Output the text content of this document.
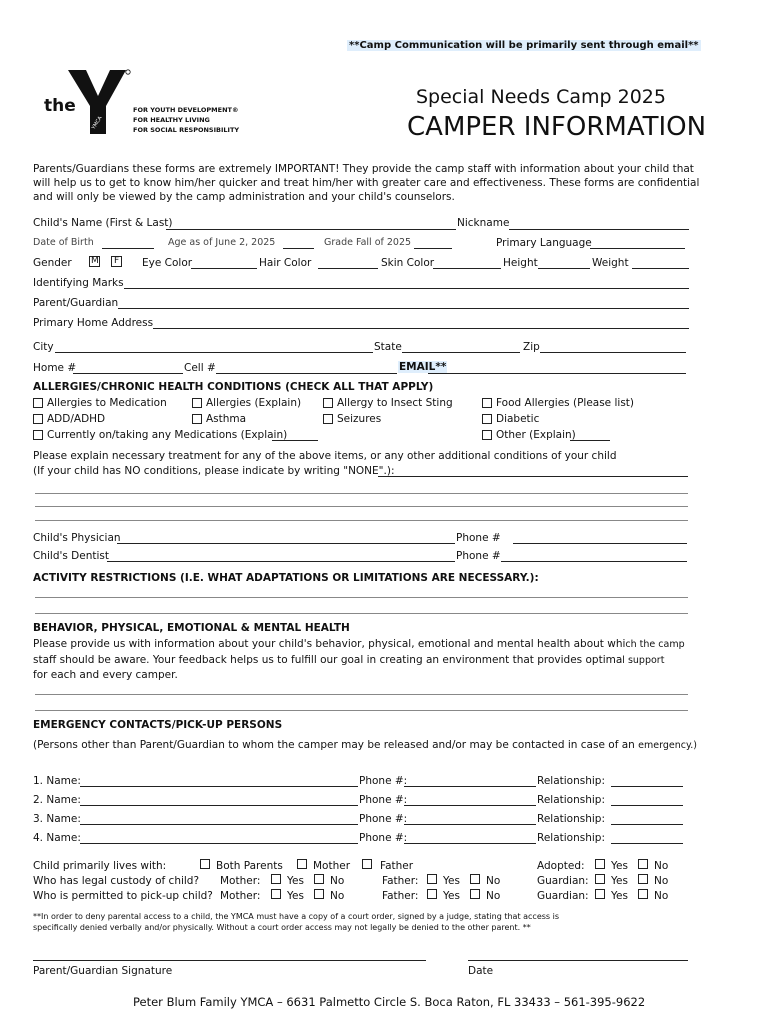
**Camp Communication will be primarily sent through email**
the
YMCA
FOR YOUTH DEVELOPMENT®
FOR HEALTHY LIVING
FOR SOCIAL RESPONSIBILITY
Special Needs Camp 2025
CAMPER INFORMATION
Parents/Guardians these forms are extremely IMPORTANT! They provide the camp staff with information about your child that
will help us to get to know him/her quicker and treat him/her with greater care and effectiveness. These forms are confidential
and will only be viewed by the camp administration and your child's counselors.
Child's Name (First & Last)	Nickname
Date of Birth	Age as of June 2, 2025	Grade Fall of 2025	Primary Language
Gender M F Eye Color	Hair Color	Skin Color	Height	Weight
Identifying Marks
Parent/Guardian
Primary Home Address
City	State	Zip
Home #	Cell #	EMAIL**
ALLERGIES/CHRONIC HEALTH CONDITIONS (CHECK ALL THAT APPLY)
Allergies to Medication	Allergies (Explain)	Allergy to Insect Sting	Food Allergies (Please list)
ADD/ADHD	Asthma	Seizures	Diabetic
Currently on/taking any Medications (Explain)	Other (Explain)
Please explain necessary treatment for any of the above items, or any other additional conditions of your child
(If your child has NO conditions, please indicate by writing "NONE".):
Child's Physician	Phone #
Child's Dentist	Phone #
ACTIVITY RESTRICTIONS (I.E. WHAT ADAPTATIONS OR LIMITATIONS ARE NECESSARY.):
BEHAVIOR, PHYSICAL, EMOTIONAL & MENTAL HEALTH
Please provide us with information about your child's behavior, physical, emotional and mental health about which the camp
staff should be aware. Your feedback helps us to fulfill our goal in creating an environment that provides optimal support
for each and every camper.
EMERGENCY CONTACTS/PICK-UP PERSONS
(Persons other than Parent/Guardian to whom the camper may be released and/or may be contacted in case of an emergency.)
1. Name:	Phone #:	Relationship:
2. Name:	Phone #:	Relationship:
3. Name:	Phone #:	Relationship:
4. Name:	Phone #:	Relationship:
Child primarily lives with:	Both Parents	Mother	Father	Adopted:	Yes No
Who has legal custody of child? Mother:	Yes No	Father: Yes No	Guardian: Yes No
Who is permitted to pick-up child? Mother:	Yes No	Father: Yes No	Guardian: Yes No
**In order to deny parental access to a child, the YMCA must have a copy of a court order, signed by a judge, stating that access is
specifically denied verbally and/or physically. Without a court order access may not legally be denied to the other parent. **
Parent/Guardian Signature	Date
Peter Blum Family YMCA – 6631 Palmetto Circle S. Boca Raton, FL 33433 – 561-395-9622
